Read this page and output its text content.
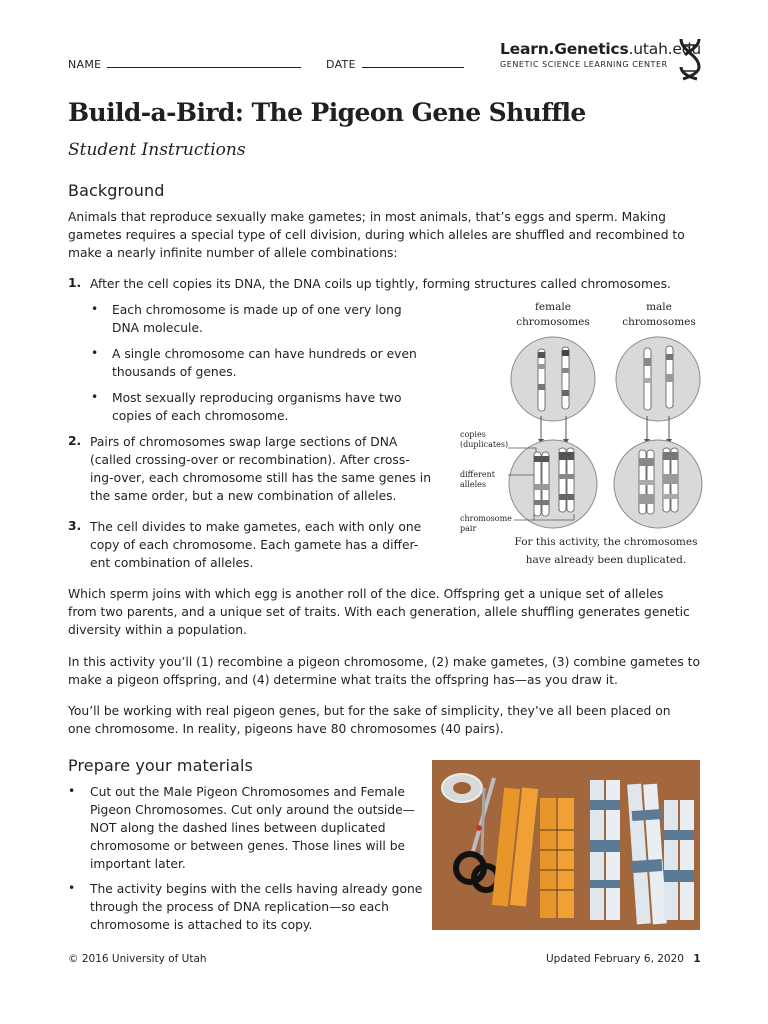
NAME	DATE
Learn.Genetics.utah.edu
GENETIC SCIENCE LEARNING CENTER
Build-a-Bird: The Pigeon Gene Shuffle
Student Instructions
Background
Animals that reproduce sexually make gametes; in most animals, that’s eggs and sperm. Making
gametes requires a special type of cell division, during which alleles are shuffled and recombined to
make a nearly infinite number of allele combinations:
1. After the cell copies its DNA, the DNA coils up tightly, forming structures called chromosomes.
• Each chromosome is made up of one very long
DNA molecule.
• A single chromosome can have hundreds or even
thousands of genes.
• Most sexually reproducing organisms have two
copies of each chromosome.
2. Pairs of chromosomes swap large sections of DNA
(called crossing-over or recombination). After cross-
ing-over, each chromosome still has the same genes in
the same order, but a new combination of alleles.
3. The cell divides to make gametes, each with only one
copy of each chromosome. Each gamete has a differ-
ent combination of alleles.
female
chromosomes
male
chromosomes
copies
(duplicates)
different
alleles
chromosome
pair
For this activity, the chromosomes
have already been duplicated.
Which sperm joins with which egg is another roll of the dice. Offspring get a unique set of alleles
from two parents, and a unique set of traits. With each generation, allele shuffling generates genetic
diversity within a population.
In this activity you’ll (1) recombine a pigeon chromosome, (2) make gametes, (3) combine gametes to
make a pigeon offspring, and (4) determine what traits the offspring has—as you draw it.
You’ll be working with real pigeon genes, but for the sake of simplicity, they’ve all been placed on
one chromosome. In reality, pigeons have 80 chromosomes (40 pairs).
Prepare your materials
• Cut out the Male Pigeon Chromosomes and Female
Pigeon Chromosomes. Cut only around the outside—
NOT along the dashed lines between duplicated
chromosome or between genes. Those lines will be
important later.
• The activity begins with the cells having already gone
through the process of DNA replication—so each
chromosome is attached to its copy.
© 2016 University of Utah	Updated February 6, 2020 1
